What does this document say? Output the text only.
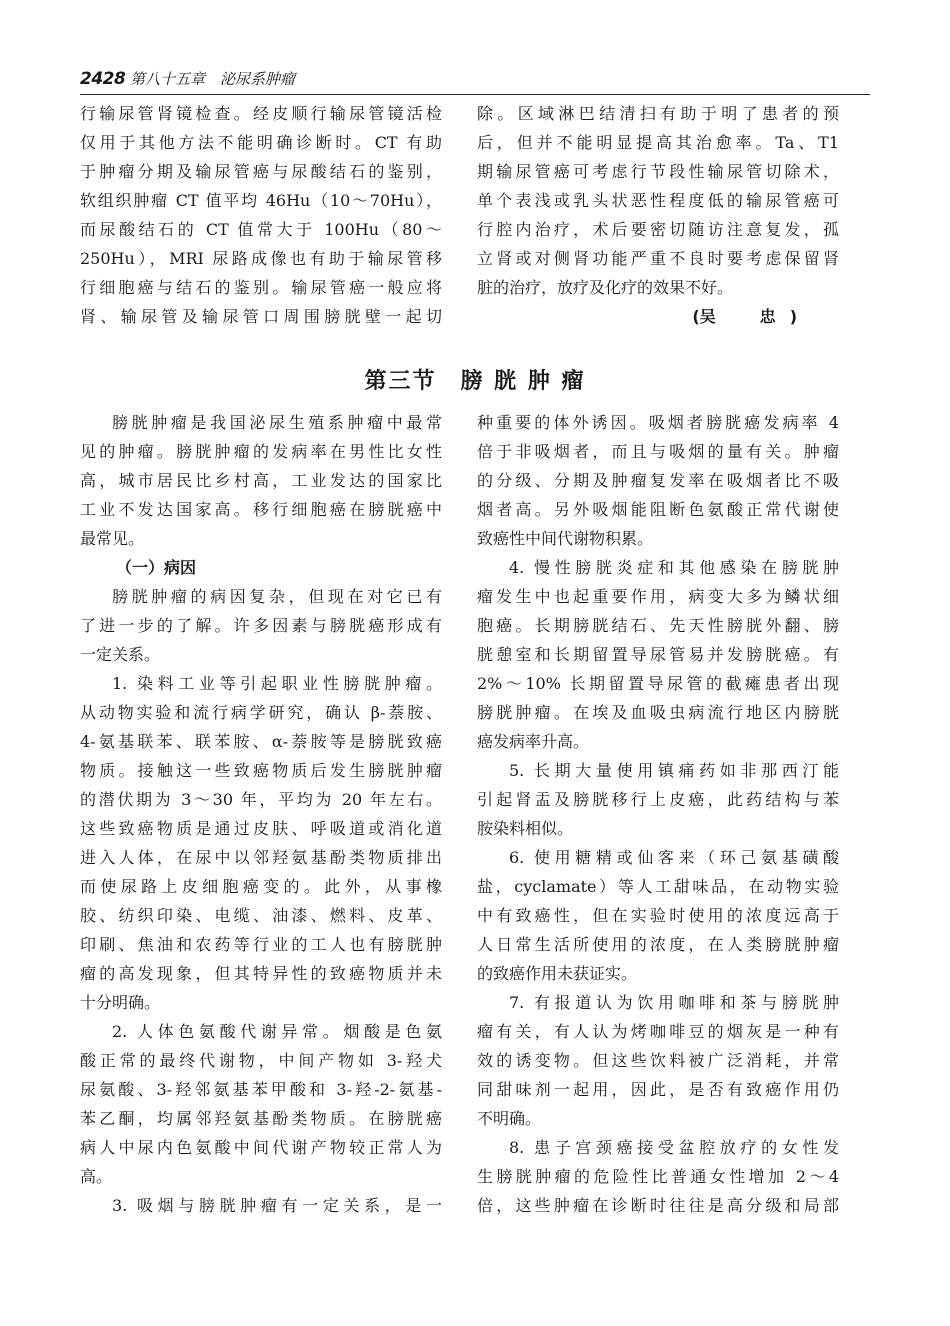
2428 第八十五章　泌尿系肿瘤

行输尿管肾镜检查。经皮顺行输尿管镜活检

仅用于其他方法不能明确诊断时。CT 有助

于肿瘤分期及输尿管癌与尿酸结石的鉴别，

软组织肿瘤 CT 值平均 46Hu（10～70Hu），

而尿酸结石的 CT 值常大于 100Hu（80～

250Hu），MRI 尿路成像也有助于输尿管移

行细胞癌与结石的鉴别。输尿管癌一般应将

肾、输尿管及输尿管口周围膀胱壁一起切

除。区域淋巴结清扫有助于明了患者的预

后，但并不能明显提高其治愈率。Ta、T1

期输尿管癌可考虑行节段性输尿管切除术，

单个表浅或乳头状恶性程度低的输尿管癌可

行腔内治疗，术后要密切随访注意复发，孤

立肾或对侧肾功能严重不良时要考虑保留肾

脏的治疗，放疗及化疗的效果不好。

(吴　忠)
第三节　膀 胱 肿 瘤

膀胱肿瘤是我国泌尿生殖系肿瘤中最常

见的肿瘤。膀胱肿瘤的发病率在男性比女性

高，城市居民比乡村高，工业发达的国家比

工业不发达国家高。移行细胞癌在膀胱癌中

最常见。

（一）病因

膀胱肿瘤的病因复杂，但现在对它已有

了进一步的了解。许多因素与膀胱癌形成有

一定关系。

1. 染料工业等引起职业性膀胱肿瘤。

从动物实验和流行病学研究，确认 β-萘胺、

4-氨基联苯、联苯胺、α-萘胺等是膀胱致癌

物质。接触这一些致癌物质后发生膀胱肿瘤

的潜伏期为 3～30 年，平均为 20 年左右。

这些致癌物质是通过皮肤、呼吸道或消化道

进入人体，在尿中以邻羟氨基酚类物质排出

而使尿路上皮细胞癌变的。此外，从事橡

胶、纺织印染、电缆、油漆、燃料、皮革、

印刷、焦油和农药等行业的工人也有膀胱肿

瘤的高发现象，但其特异性的致癌物质并未

十分明确。

2. 人体色氨酸代谢异常。烟酸是色氨

酸正常的最终代谢物，中间产物如 3-羟犬

尿氨酸、3-羟邻氨基苯甲酸和 3-羟-2-氨基-

苯乙酮，均属邻羟氨基酚类物质。在膀胱癌

病人中尿内色氨酸中间代谢产物较正常人为

高。

3. 吸烟与膀胱肿瘤有一定关系，是一

种重要的体外诱因。吸烟者膀胱癌发病率 4

倍于非吸烟者，而且与吸烟的量有关。肿瘤

的分级、分期及肿瘤复发率在吸烟者比不吸

烟者高。另外吸烟能阻断色氨酸正常代谢使

致癌性中间代谢物积累。

4. 慢性膀胱炎症和其他感染在膀胱肿

瘤发生中也起重要作用，病变大多为鳞状细

胞癌。长期膀胱结石、先天性膀胱外翻、膀

胱憩室和长期留置导尿管易并发膀胱癌。有

2%～10% 长期留置导尿管的截瘫患者出现

膀胱肿瘤。在埃及血吸虫病流行地区内膀胱

癌发病率升高。

5. 长期大量使用镇痛药如非那西汀能

引起肾盂及膀胱移行上皮癌，此药结构与苯

胺染料相似。

6. 使用糖精或仙客来（环己氨基磺酸

盐，cyclamate）等人工甜味品，在动物实验

中有致癌性，但在实验时使用的浓度远高于

人日常生活所使用的浓度，在人类膀胱肿瘤

的致癌作用未获证实。

7. 有报道认为饮用咖啡和茶与膀胱肿

瘤有关，有人认为烤咖啡豆的烟灰是一种有

效的诱变物。但这些饮料被广泛消耗，并常

同甜味剂一起用，因此，是否有致癌作用仍

不明确。

8. 患子宫颈癌接受盆腔放疗的女性发

生膀胱肿瘤的危险性比普通女性增加 2～4

倍，这些肿瘤在诊断时往往是高分级和局部
